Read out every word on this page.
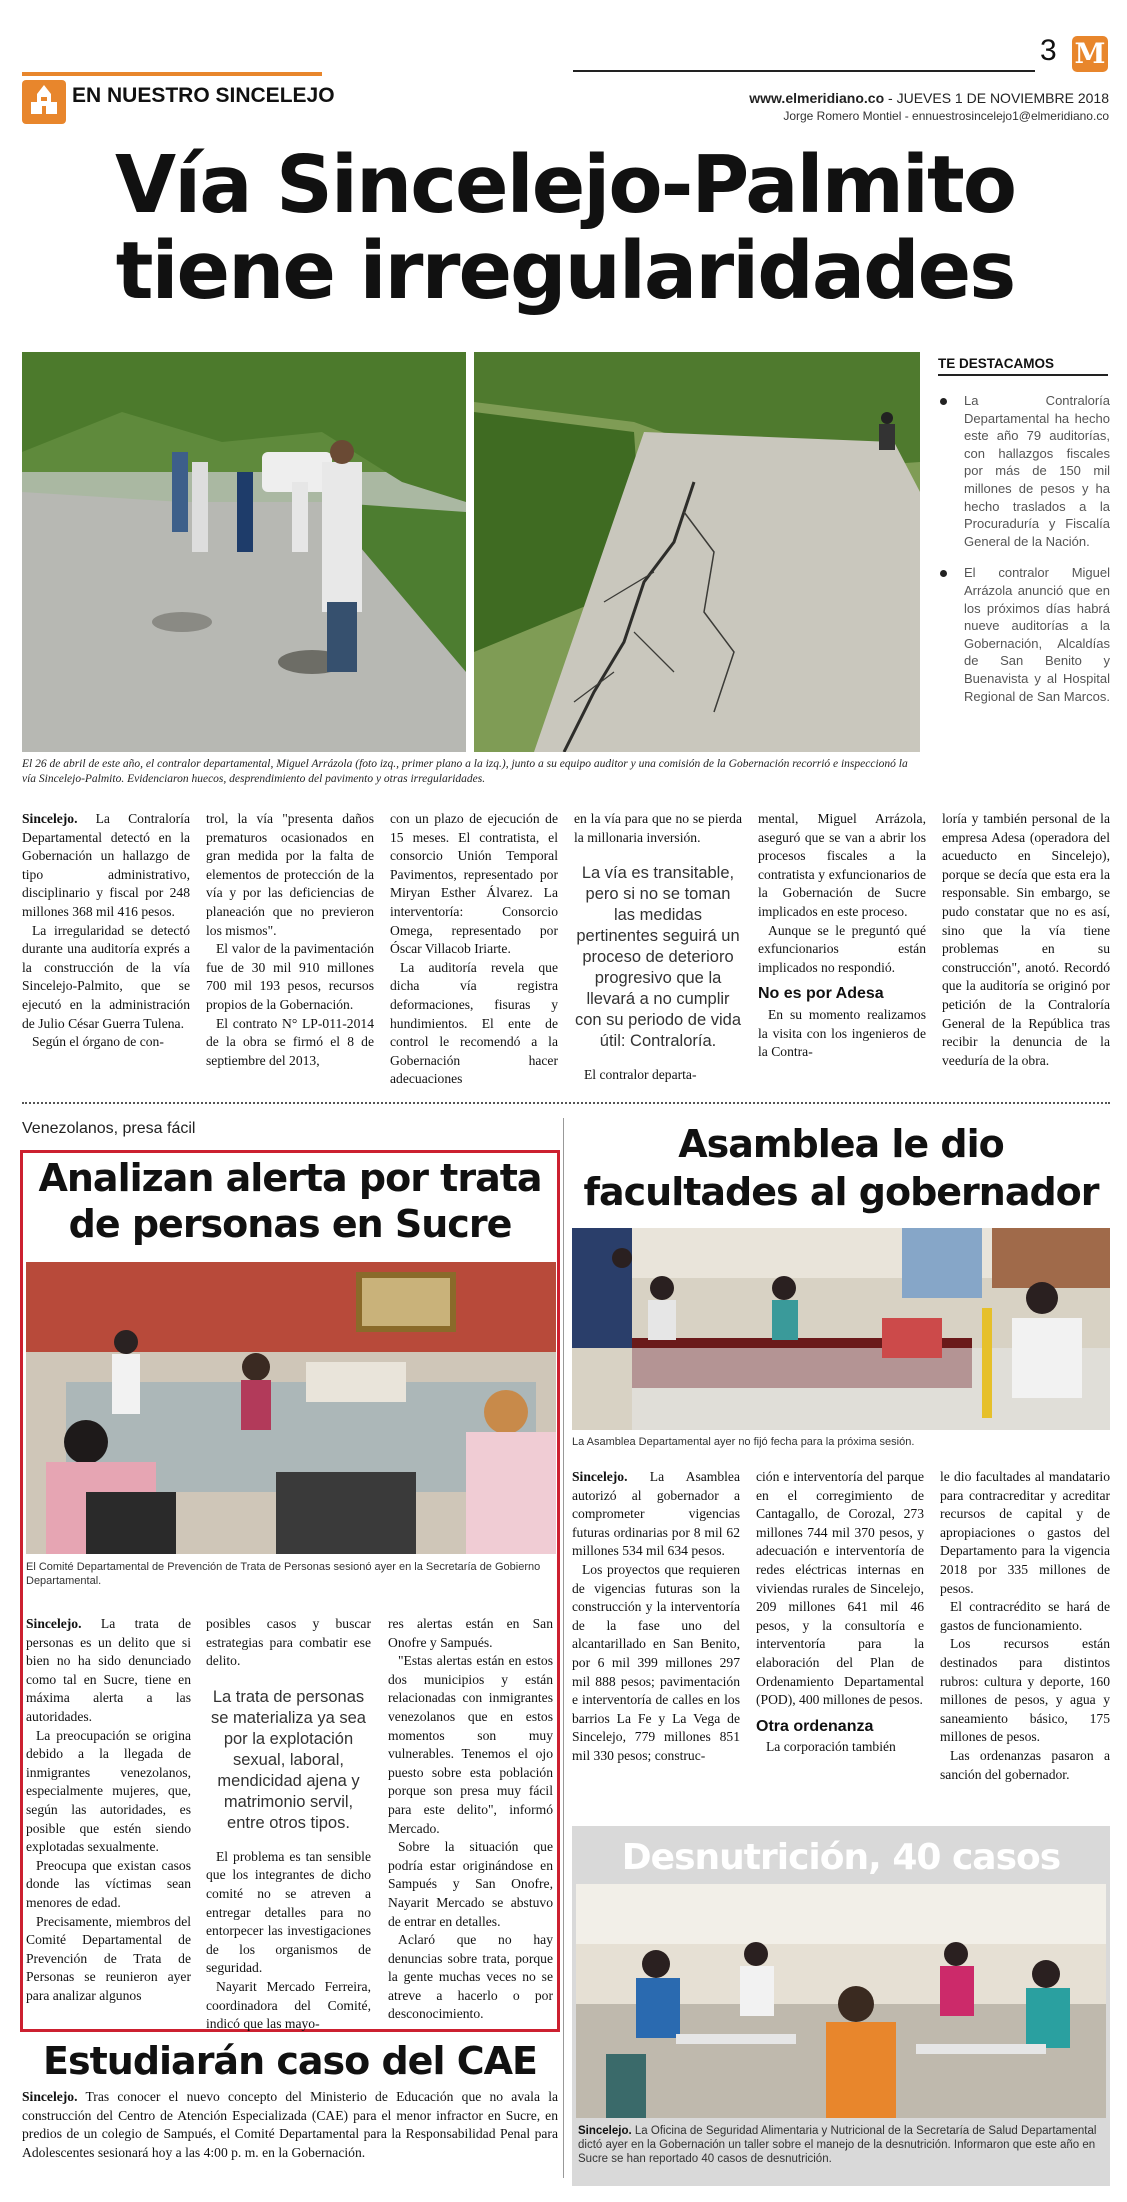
EN NUESTRO SINCELEJO
3 M
www.elmeridiano.co - JUEVES 1 DE NOVIEMBRE 2018
Jorge Romero Montiel - ennuestrosincelejo1@elmeridiano.co
Vía Sincelejo-Palmito
tiene irregularidades
El 26 de abril de este año, el contralor departamental, Miguel Arrázola (foto izq., primer plano a la izq.), junto a su equipo auditor y una comisión de la Gobernación recorrió e inspeccionó la vía Sincelejo-Palmito. Evidenciaron huecos, desprendimiento del pavimento y otras irregularidades.
TE DESTACAMOS
La Contraloría Departamental ha hecho este año 79 auditorías, con hallazgos fiscales por más de 150 mil millones de pesos y ha hecho traslados a la Procuraduría y Fiscalía General de la Nación.
El contralor Miguel Arrázola anunció que en los próximos días habrá nueve auditorías a la Gobernación, Alcaldías de San Benito y Buenavista y al Hospital Regional de San Marcos.

Sincelejo. La Contraloría Departamental detectó en la Gobernación un hallazgo de tipo administrativo, disciplinario y fiscal por 248 millones 368 mil 416 pesos.

La irregularidad se detectó durante una auditoría exprés a la construcción de la vía Sincelejo-Palmito, que se ejecutó en la administración de Julio César Guerra Tulena.

Según el órgano de con-

trol, la vía "presenta daños prematuros ocasionados en gran medida por la falta de elementos de protección de la vía y por las deficiencias de planeación que no previeron los mismos".

El valor de la pavimentación fue de 30 mil 910 millones 700 mil 193 pesos, recursos propios de la Gobernación.

El contrato N° LP-011-2014 de la obra se firmó el 8 de septiembre del 2013,

con un plazo de ejecución de 15 meses. El contratista, el consorcio Unión Temporal Pavimentos, representado por Miryan Esther Álvarez. La interventoría: Consorcio Omega, representado por Óscar Villacob Iriarte.

La auditoría revela que dicha vía registra deformaciones, fisuras y hundimientos. El ente de control le recomendó a la Gobernación hacer adecuaciones

en la vía para que no se pierda la millonaria inversión.

La vía es transitable, pero si no se toman las medidas pertinentes seguirá un proceso de deterioro progresivo que la llevará a no cumplir con su periodo de vida útil: Contraloría.

El contralor departa-

mental, Miguel Arrázola, aseguró que se van a abrir los procesos fiscales a la contratista y exfuncionarios de la Gobernación de Sucre implicados en este proceso.

Aunque se le preguntó qué exfuncionarios están implicados no respondió.

No es por Adesa

En su momento realizamos la visita con los ingenieros de la Contra-

loría y también personal de la empresa Adesa (operadora del acueducto en Sincelejo), porque se decía que esta era la responsable. Sin embargo, se pudo constatar que no es así, sino que la vía tiene problemas en su construcción", anotó. Recordó que la auditoría se originó por petición de la Contraloría General de la República tras recibir la denuncia de la veeduría de la obra.

Venezolanos, presa fácil
Analizan alerta por trata
de personas en Sucre
El Comité Departamental de Prevención de Trata de Personas sesionó ayer en la Secretaría de Gobierno Departamental.

Sincelejo. La trata de personas es un delito que si bien no ha sido denunciado como tal en Sucre, tiene en máxima alerta a las autoridades.

La preocupación se origina debido a la llegada de inmigrantes venezolanos, especialmente mujeres, que, según las autoridades, es posible que estén siendo explotadas sexualmente.

Preocupa que existan casos donde las víctimas sean menores de edad.

Precisamente, miembros del Comité Departamental de Prevención de Trata de Personas se reunieron ayer para analizar algunos

posibles casos y buscar estrategias para combatir ese delito.

La trata de personas se materializa ya sea por la explotación sexual, laboral, mendicidad ajena y matrimonio servil, entre otros tipos.

El problema es tan sensible que los integrantes de dicho comité no se atreven a entregar detalles para no entorpecer las investigaciones de los organismos de seguridad.

Nayarit Mercado Ferreira, coordinadora del Comité, indicó que las mayo-

res alertas están en San Onofre y Sampués.

"Estas alertas están en estos dos municipios y están relacionadas con inmigrantes venezolanos que en estos momentos son muy vulnerables. Tenemos el ojo puesto sobre esta población porque son presa muy fácil para este delito", informó Mercado.

Sobre la situación que podría estar originándose en Sampués y San Onofre, Nayarit Mercado se abstuvo de entrar en detalles.

Aclaró que no hay denuncias sobre trata, porque la gente muchas veces no se atreve a hacerlo o por desconocimiento.

Estudiarán caso del CAE

Sincelejo. Tras conocer el nuevo concepto del Ministerio de Educación que no avala la construcción del Centro de Atención Especializada (CAE) para el menor infractor en Sucre, en predios de un colegio de Sampués, el Comité Departamental para la Responsabilidad Penal para Adolescentes sesionará hoy a las 4:00 p. m. en la Gobernación.

Asamblea le dio
facultades al gobernador
La Asamblea Departamental ayer no fijó fecha para la próxima sesión.

Sincelejo. La Asamblea autorizó al gobernador a comprometer vigencias futuras ordinarias por 8 mil 62 millones 534 mil 634 pesos.

Los proyectos que requieren de vigencias futuras son la construcción y la interventoría de la fase uno del alcantarillado en San Benito, por 6 mil 399 millones 297 mil 888 pesos; pavimentación e interventoría de calles en los barrios La Fe y La Vega de Sincelejo, 779 millones 851 mil 330 pesos; construc-

ción e interventoría del parque en el corregimiento de Cantagallo, de Corozal, 273 millones 744 mil 370 pesos, y adecuación e interventoría de redes eléctricas internas en viviendas rurales de Sincelejo, 209 millones 641 mil 46 pesos, y la consultoría e interventoría para la elaboración del Plan de Ordenamiento Departamental (POD), 400 millones de pesos.

Otra ordenanza

La corporación también

le dio facultades al mandatario para contracreditar y acreditar recursos de capital y de apropiaciones o gastos del Departamento para la vigencia 2018 por 335 millones de pesos.

El contracrédito se hará de gastos de funcionamiento.

Los recursos están destinados para distintos rubros: cultura y deporte, 160 millones de pesos, y agua y saneamiento básico, 175 millones de pesos.

Las ordenanzas pasaron a sanción del gobernador.

Desnutrición, 40 casos
Sincelejo. La Oficina de Seguridad Alimentaria y Nutricional de la Secretaría de Salud Departamental dictó ayer en la Gobernación un taller sobre el manejo de la desnutrición. Informaron que este año en Sucre se han reportado 40 casos de desnutrición.
